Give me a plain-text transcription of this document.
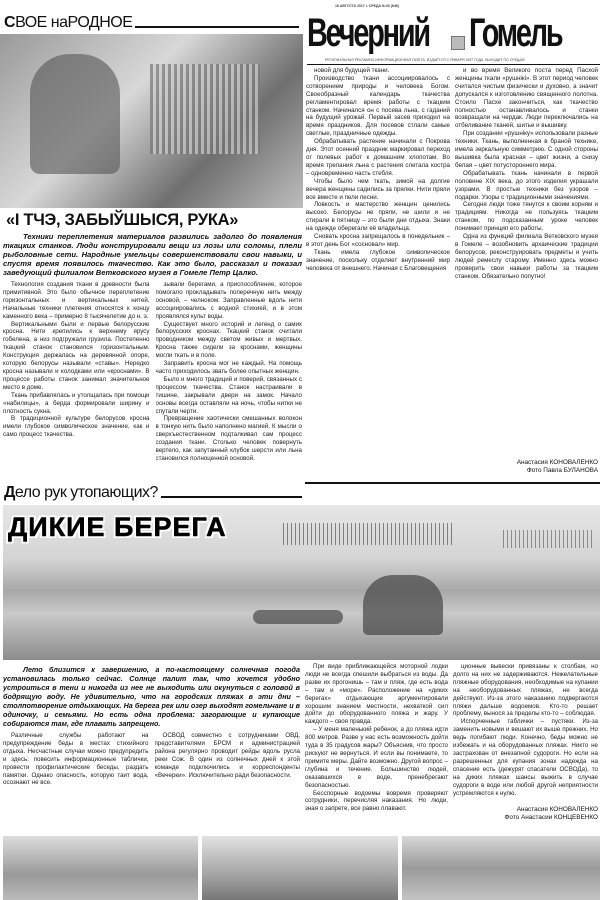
С ВОЕ наРОДНОЕ
16 АВГУСТА 2017 г. СРЕДА №33 (646)
Вечерний	Гомель
РЕГИОНАЛЬНАЯ РЕКЛАМНО-ИНФОРМАЦИОННАЯ ГАЗЕТА. ИЗДАЁТСЯ С ЯНВАРЯ 1997 ГОДА. ВЫХОДИТ ПО СРЕДАМ
«І ТЧЭ, ЗАБЫЎШЫСЯ, РУКА»
Техники переплетения материалов развились задолго до появления ткацких станков. Люди конструировали вещи из лозы или соломы, плели рыболовные сети. Народные умельцы совершенствовали свои навыки, и спустя время появилось ткачество. Как это было, рассказал и показал заведующий филиалом Ветковского музея в Гомеле Петр Цалко.

Технология создания ткани в древности была примитивной. Это было обычное переплетение горизонтальных и вертикальных нитей. Начальные техники плетения относятся к концу каменного века – примерно 8 тысячелетие до н. э.

Вертикальными были и первые белорусские кросна. Нити крепились к верхнему ярусу гобелена, а низ подгружали грузила. Постепенно ткацкий станок становился горизонтальным. Конструкция держалась на деревянной опоре, которую белорусы называли «ставы». Нередко кросна называли и колодками или «кроснами». В процессе работы станок занимал значительное место в доме.

Ткань прибавлялась и утолщалась при помощи «набилицы», а берда формировали ширину и плотность сукна.

В традиционной культуре белорусов кросна имели глубокое символическое значение, как и само процесс ткачества.

зывали берегами, а приспособление, которое помогало прокладывать поперечную нить между основой, – челноком. Заправленные вдоль нити ассоциировались с водной стихией, и в этом проявлялся культ воды.

Существует много историй и легенд о самих белорусских кроснах. Ткацкий станок считали проводником между светом живых и мертвых. Кросна также сидели за кроснами, женщины могли ткать и в поле.

Заправить кросна мог не каждый. На помощь часто приходилось звать более опытных женщин.

Было и много традиций и поверий, связанных с процессом ткачества. Станок настраивали в тишине, закрывали двери на замок. Начало основы всегда оставляли на ночь, чтобы нитки не спутали черти.

Превращение хаотически смешанных волокон в тонкую нить было наполнено магией. К мысли о сверхъестественном подталкивал сам процесс создания ткани. Столько человек повернуть вертело, как запутанный клубок шерсти или льна становился полноценной основой.

новой для будущей ткани.

Производство ткани ассоциировалось с сотворением природы и человека Богом. Своеобразный календарь ткачества регламентировал время работы с ткацким станком. Начинался он с посева льна, с гаданий на будущий урожай. Первый засев приходил на время праздников. Для посевов стлали самые светлые, праздничные одежды.

Обрабатывать растение начинали с Покрова дня. Этот осенний праздник маркировал переход от полевых работ к домашним хлопотам. Во время трепания льна с растения слетала кострa – одновременно часть стебля.

Чтобы было чем ткать, зимой на долгие вечера женщины садились за прялки. Нити пряли все вместе и пели песни.

Ловкость и мастерство женщин ценились высоко. Белорусы не пряли, не шили и не стирали в пятницу – это были дни отдыха. Знаки на одежде оберегали её владельца.

Сновать кросна запрещалось в понедельник – в этот день Бог «сосновал» мир.

Ткань имела глубокое символическое значение, поскольку отделяет внутренний мир человека от внешнего. Начиная с Благовещения

и во время Великого поста перед Пасхой женщины ткали «рушнікі». В этот период человек считался чистым физически и духовно, а значит допускался к изготовлению священного полотна. Стоило Пасхе закончиться, как ткачество полностью останавливалось и станки возвращали на чердак. Люди переключались на отбеливание тканей, шитье и вышивку.

При создании «рушніку» использовали разные техники. Ткань, выполненная в браной технике, имела зеркальную симметрию. С одной стороны вышивка была красная – цвет жизни, а снизу белая – цвет потустороннего мира.

Обрабатывать ткань начинали в первой половине XIX века, до этого изделия украшали узорами. В простые техники без узоров – подарки. Узоры с традиционными значениями.

Сегодня люди тоже тянутся к своим корням и традициям. Никогда не пользуясь ткацким станком, по подсказанным уроке человек понимает принцип его работы.

Одна из функций филиала Ветковского музея в Гомеле – возобновить архаические традиции белорусов, реконструировать предметы и учить людей ремеслу старому. Именно здесь можно проверить свои навыки работы за ткацким станком. Обязательно попутно!

Анастасия КОНОВАЛЕНКО
Фото Павла БУЛАНОВА
Д ело рук утопающих?
ДИКИЕ БЕРЕГА
Лето близится к завершению, а по-настоящему солнечная погода установилась только сейчас. Солнце палит так, что хочется удобно устроиться в тени и никогда из нее не выходить или окунуться с головой в бодрящую воду. Не удивительно, что на городских пляжах в эти дни – столпотворение отдыхающих. На берега рек или озер выходят гомельчане и в одиночку, и семьями. Но есть одна проблема: загорающие и купающие собираются там, где плавать запрещено.

Различные службы работают на предупреждение беды в местах стихийного отдыха. Несчастные случаи можно предупредить и здесь: повесить информационные таблички, провести профилактические беседы, раздать памятки. Однако опасность, которую таит вода, осознают не все.

ОСВОД совместно с сотрудниками ОВД, представителями БРСМ и администрацией района регулярно проводит рейды вдоль русла реки Сож. В один из солнечных дней к этой команде подключились и корреспонденты «Вечерки». Исключительно ради безопасности.

При виде приближающейся моторной лодки люди не всегда спешили выбраться из воды. Да разве их прогонишь – там и пляж, где есть вода – там и «море». Расположение на «диких берегах» отдыхающие аргументировали хорошим знанием местности, нехваткой сил дойти до оборудованного пляжа и жару. У каждого – своя правда.

– У меня маленький ребенок, а до пляжа идти 800 метров. Разве у нас есть возможность дойти туда в 35 градусов жары? Объяснив, что просто рискуют не вернуться. И если вы понимаете, то примите меры. Дайте возможно. Другой вопрос – глубина и течение. Большинство людей, оказавшихся в воде, пренебрегают безопасностью.

Бесспорные водоемы вовремя проверяют сотрудники, перечисляя наказания. Но люди, зная о запрете, все равно плавают.

ционные вывески привязаны к столбам, но долго на них не задерживаются. Нежелательные пляжные оборудования, необходимые на купании на необорудованных пляжах, не всегда действуют. Из-за этого наказанию подвергаются пляжи дальше водоемов. Кто-то решает проблему, вынося за пределы кто-то – соблюдая.

Испорченные таблички – пустяки. Из-за заменить новыми и вешают их выше прежних. Но ведь погибают люди. Конечно, беды можно не избежать и на оборудованных пляжах. Никто не застрахован от внезапной судороги. Но если на разрешенных для купания зонах надежда на спасение есть (дежурят спасатели ОСВОДа), то на диких пляжах шансы выжить в случае судороги в воде или любой другой неприятности устремляются к нулю.

Анастасия КОНОВАЛЕНКО
Фото Анастасии КОНЦЕВЕНКО
